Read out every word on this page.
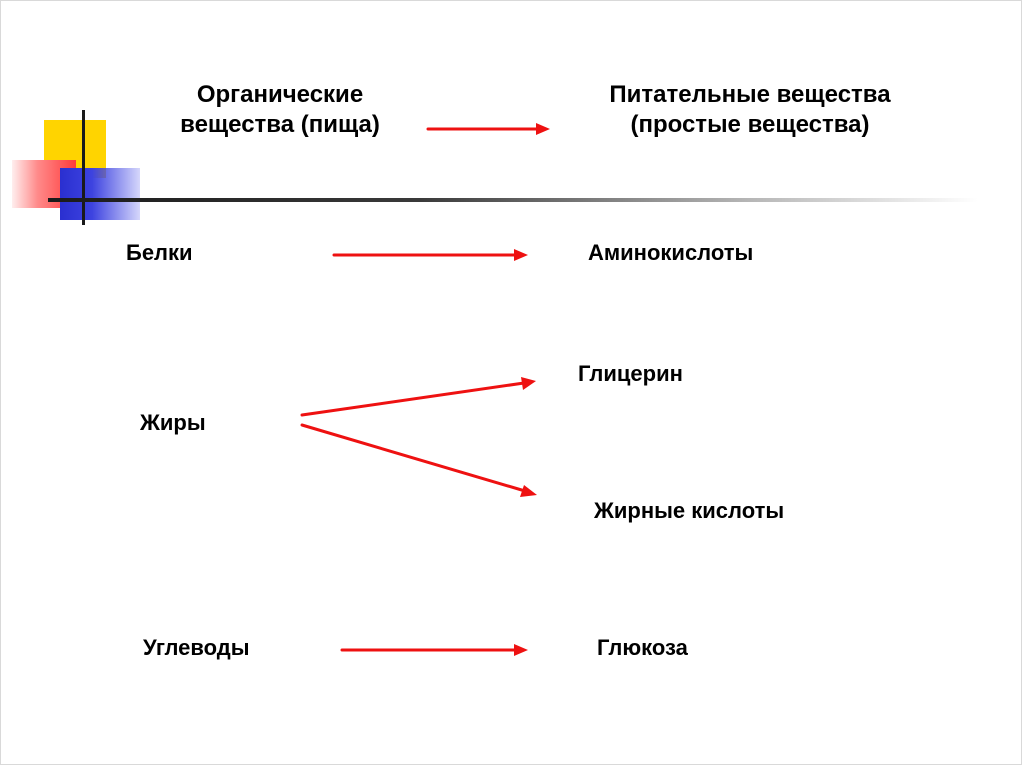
Органические
вещества (пища)
Питательные вещества
(простые вещества)
Белки	Аминокислоты
Глицерин
Жиры
Жирные кислоты
Углеводы	Глюкоза
